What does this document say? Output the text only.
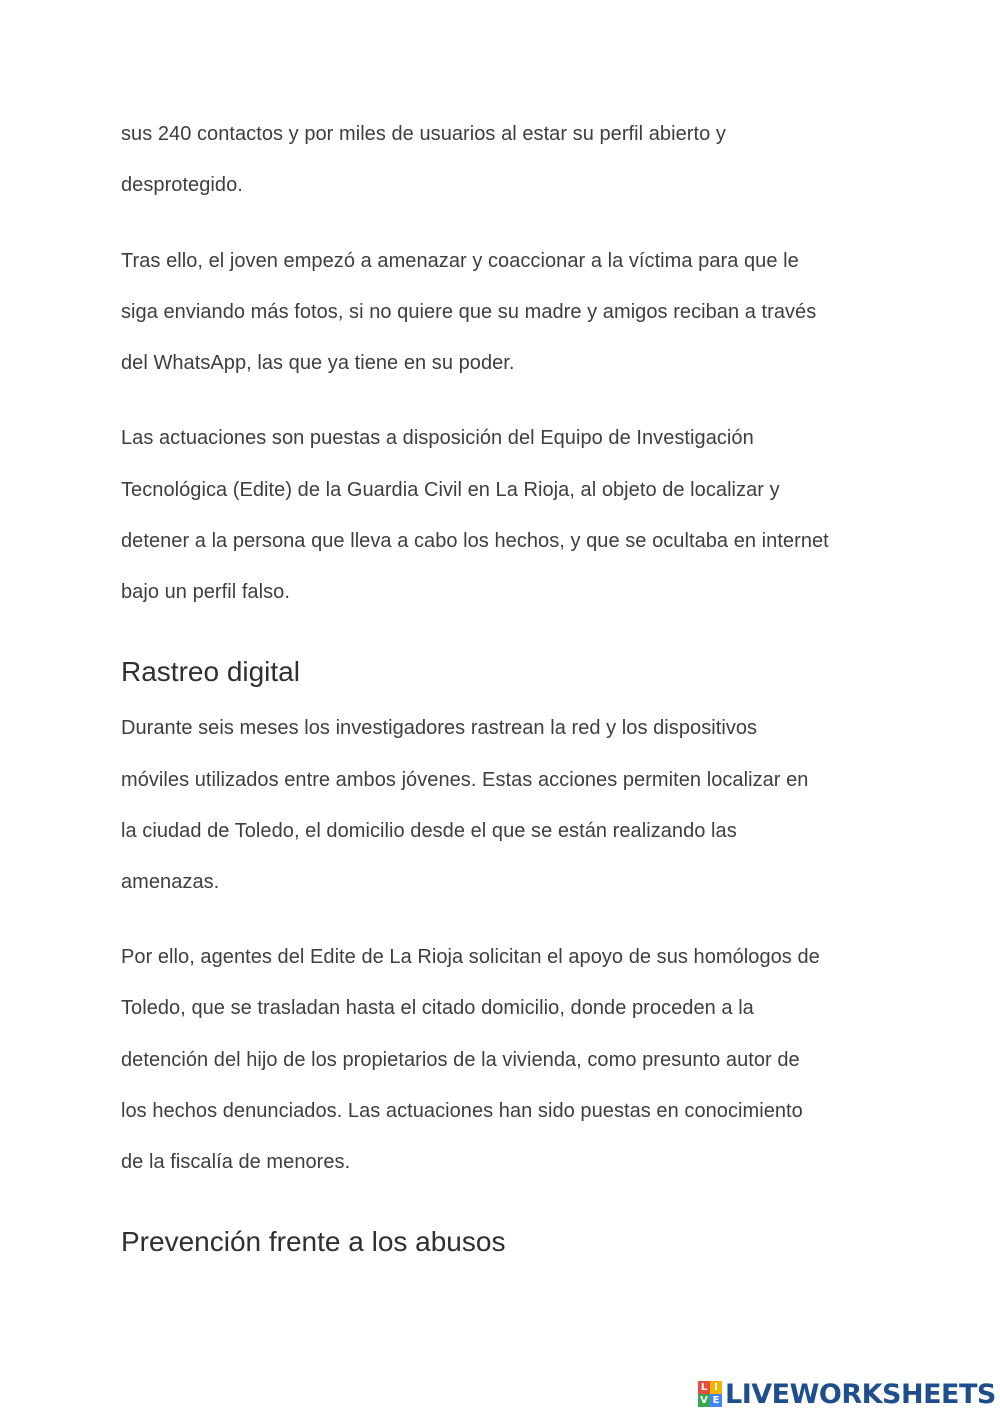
sus 240 contactos y por miles de usuarios al estar su perfil abierto y
desprotegido.
Tras ello, el joven empezó a amenazar y coaccionar a la víctima para que le
siga enviando más fotos, si no quiere que su madre y amigos reciban a través
del WhatsApp, las que ya tiene en su poder.
Las actuaciones son puestas a disposición del Equipo de Investigación
Tecnológica (Edite) de la Guardia Civil en La Rioja, al objeto de localizar y
detener a la persona que lleva a cabo los hechos, y que se ocultaba en internet
bajo un perfil falso.
Rastreo digital
Durante seis meses los investigadores rastrean la red y los dispositivos
móviles utilizados entre ambos jóvenes. Estas acciones permiten localizar en
la ciudad de Toledo, el domicilio desde el que se están realizando las
amenazas.
Por ello, agentes del Edite de La Rioja solicitan el apoyo de sus homólogos de
Toledo, que se trasladan hasta el citado domicilio, donde proceden a la
detención del hijo de los propietarios de la vivienda, como presunto autor de
los hechos denunciados. Las actuaciones han sido puestas en conocimiento
de la fiscalía de menores.
Prevención frente a los abusos
L I
V E LIVEWORKSHEETS
